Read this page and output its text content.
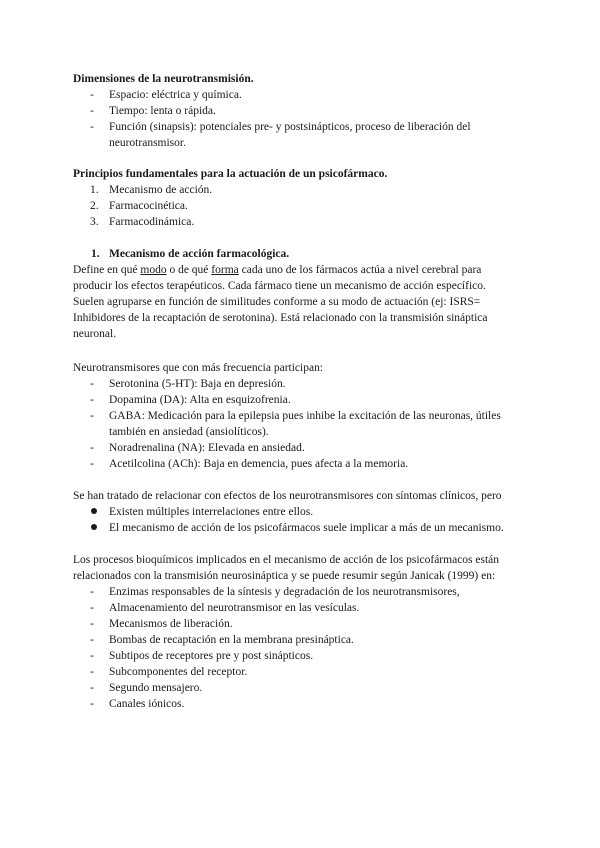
Dimensiones de la neurotransmisión.
-	Espacio: eléctrica y química.
-	Tiempo: lenta o rápida.
-	Función (sinapsis): potenciales pre- y postsinápticos, proceso de liberación del neurotransmisor.
Principios fundamentales para la actuación de un psicofármaco.
1. Mecanismo de acción.
2. Farmacocinética.
3. Farmacodinámica.
1. Mecanismo de acción farmacológica.
Define en qué modo o de qué forma cada uno de los fármacos actúa a nivel cerebral para
producir los efectos terapéuticos. Cada fármaco tiene un mecanismo de acción específico.
Suelen agruparse en función de similitudes conforme a su modo de actuación (ej: ISRS=
Inhibidores de la recaptación de serotonina). Está relacionado con la transmisión sináptica
neuronal.
Neurotransmisores que con más frecuencia participan:
-	Serotonina (5-HT): Baja en depresión.
-	Dopamina (DA): Alta en esquizofrenia.
-	GABA: Medicación para la epilepsia pues inhibe la excitación de las neuronas, útiles también en ansiedad (ansiolíticos).
-	Noradrenalina (NA): Elevada en ansiedad.
-	Acetilcolina (ACh): Baja en demencia, pues afecta a la memoria.
Se han tratado de relacionar con efectos de los neurotransmisores con síntomas clínicos, pero
Existen múltiples interrelaciones entre ellos.
El mecanismo de acción de los psicofármacos suele implicar a más de un mecanismo.
Los procesos bioquímicos implicados en el mecanismo de acción de los psicofármacos están
relacionados con la transmisión neurosináptica y se puede resumir según Janicak (1999) en:
-	Enzimas responsables de la síntesis y degradación de los neurotransmisores,
-	Almacenamiento del neurotransmisor en las vesículas.
-	Mecanismos de liberación.
-	Bombas de recaptación en la membrana presináptica.
-	Subtipos de receptores pre y post sinápticos.
-	Subcomponentes del receptor.
-	Segundo mensajero.
-	Canales iónicos.
